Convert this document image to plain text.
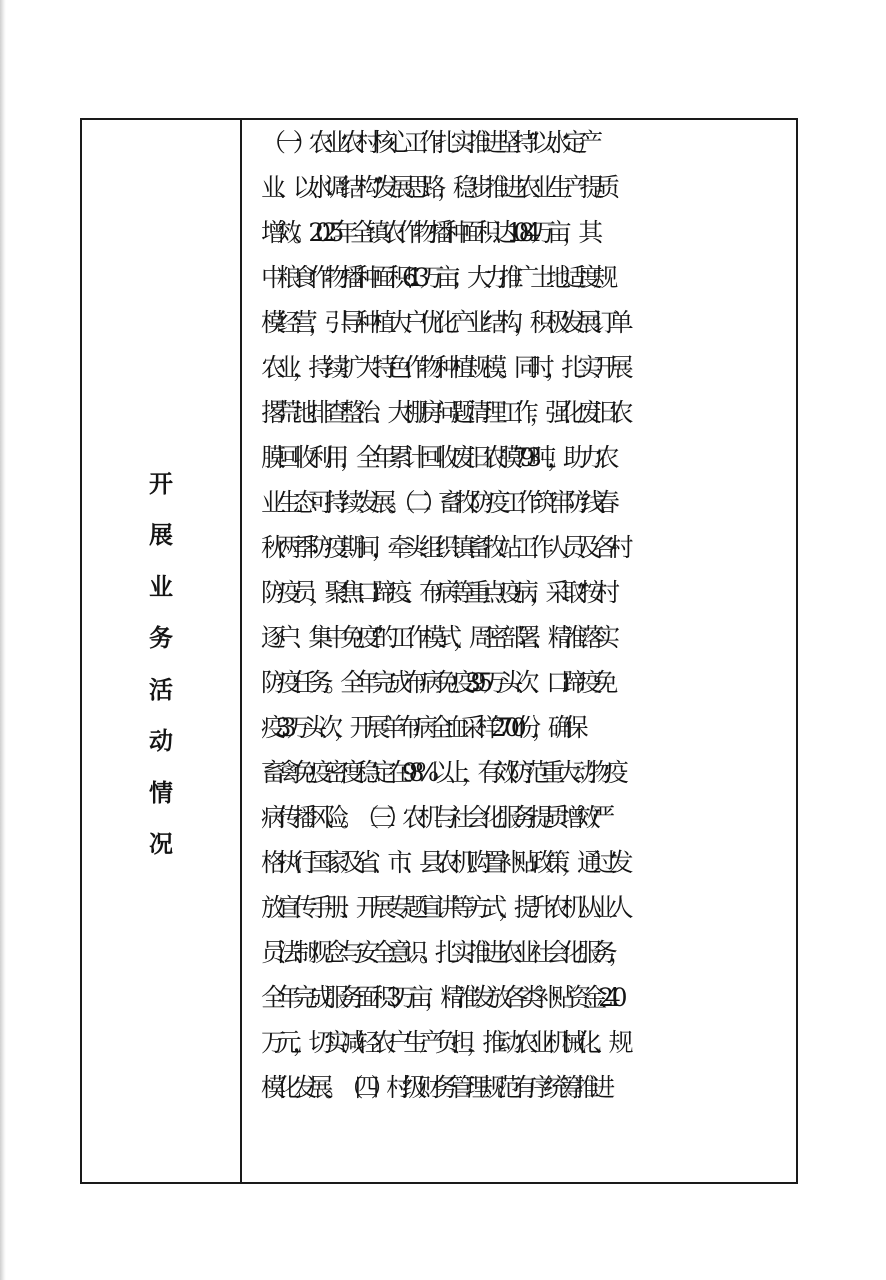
开
展
业
务
活
动
情
况
（一）农业农村核心工作扎实推进 坚持 “以水定产
业、以水调结构” 发展思路，稳步推进农业生产提质
增效。2025 年全镇农作物播种面积达 10.84 万亩，其
中粮食作物播种面积 6.13 万亩；大力推广土地适度规
模经营，引导种植大户优化产业结构，积极发展订单
农业，持续扩大特色作物种植规模。同时，扎实开展
撂荒地排查整治、大棚房问题清理工作，强化废旧农
膜回收利用，全年累计回收废旧农膜 793 吨，助力农
业生态可持续发展。（二）畜牧防疫工作筑牢防线 春
秋两季防疫期间，牵头组织镇畜牧站工作人员及各村
防疫员，聚焦口蹄疫、布病等重点疫病，采取 “按村
逐户、集中免疫” 的工作模式，周密部署、精准落实
防疫任务。全年完成布病免疫 3.95 万头次、口蹄疫免
疫 3.3 万头次，开展羊布病全血采样 2700 份，确保
畜禽免疫密度稳定在 98%以上，有效防范重大动物疫
病传播风险。 （三）农机与社会化服务提质增效 严
格执行国家及省、市、县农机购置补贴政策，通过发
放宣传手册、开展专题宣讲等方式，提升农机从业人
员法制观念与安全意识。扎实推进农业社会化服务，
全年完成服务面积 3万亩，精准发放各类补贴资金240
万元，切实减轻农户生产负担，推动农业机械化、规
模化发展。 （四）村级财务管理规范有序 统筹推进
